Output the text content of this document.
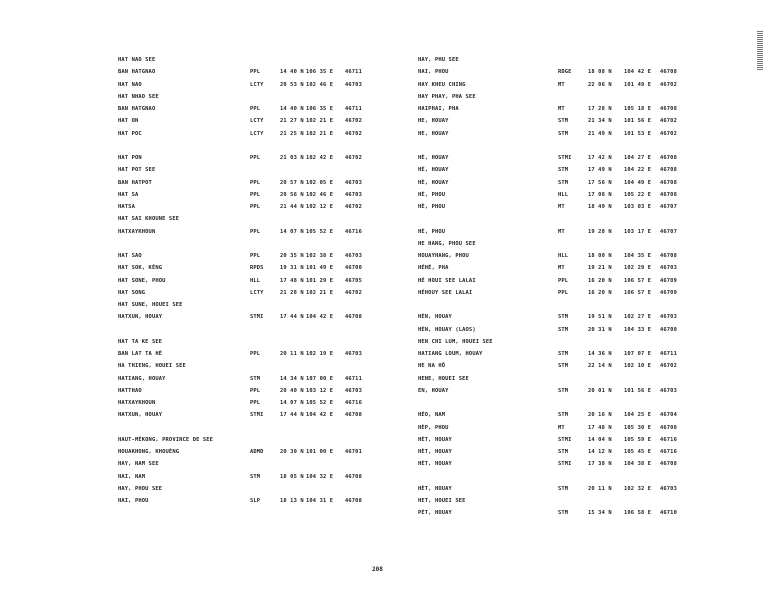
HAT NAO SEE
BAN HATGNAO	PPL	14 40 N 106 35 E 46711
HAT NAO	LCTY	20 53 N 102 46 E 46703
HAT NHAO SEE
BAN HATGNAO	PPL	14 40 N 106 35 E 46711
HAT ON	LCTY	21 27 N 102 21 E 46702
HAT POC	LCTY	21 25 N 102 21 E 46702
HAT PON	PPL	21 03 N 102 42 E 46702
HAT POT SEE
BAN HATPOT	PPL	20 57 N 102 05 E 46703
HAT SA	PPL	20 56 N 102 46 E 46703
HATSA	PPL	21 44 N 102 12 E 46702
HAT SAI KHOUNE SEE
HATXAYKHOUN	PPL	14 07 N 105 52 E 46716
HAT SAO	PPL	20 35 N 102 38 E 46703
HAT SOK, KÈNG	RPDS	19 31 N 101 49 E 46700
HAT SONE, PHOU	HLL	17 48 N 101 29 E 46705
HAT SONG	LCTY	21 28 N 102 21 E 46702
HAT SUNE, HOUEI SEE
HATXUN, HOUAY	STMI	17 44 N 104 42 E 46708
HAT TA KE SEE
BAN LAT TA HÈ	PPL	20 11 N 102 19 E 46703
HA THIENG, HOUEI SEE
HATIANG, HOUAY	STM	14 34 N 107 00 E 46711
HATTHAO	PPL	20 40 N 103 12 E 46703
HATXAYKHOUN	PPL	14 07 N 105 52 E 46716
HATXUN, HOUAY	STMI	17 44 N 104 42 E 46708
HAUT-MÉKONG, PROVINCE DE SEE
HOUAKHONG, KHOUÈNG	ADMD	20 30 N 101 00 E 46701
HAY, NAM SEE
HAI, NAM	STM	18 05 N 104 32 E 46708
HAY, PHOU SEE
HAI, PHOU	SLP	18 13 N 104 31 E 46708
HAY, PHU SEE
HAI, PHOU	RDGE	18 08 N 104 42 E 46708
HAY KHEU CHING	MT	22 06 N 101 49 E 46702
HAY PHAY, PHA SEE
HAIPHAI, PHA	MT	17 28 N 105 18 E 46708
HE, HOUAY	STM	21 34 N 101 56 E 46702
HE, HOUAY	STM	21 49 N 101 53 E 46702
HÈ, HOUAY	STMI	17 42 N 104 27 E 46708
HÈ, HOUAY	STM	17 49 N 104 22 E 46708
HÈ, HOUAY	STM	17 56 N 104 49 E 46708
HÈ, PHOU	HLL	17 08 N 105 22 E 46708
HÈ, PHOU	MT	18 49 N 103 03 E 46707
HÈ, PHOU	MT	19 28 N 103 17 E 46707
HE HANG, PHOU SEE
HOUAYHANG, PHOU	HLL	18 00 N 104 35 E 46708
HÉHÉ, PHA	MT	19 21 N 102 29 E 46703
HÉ HOUI SEE LALAI	PPL	16 20 N 106 57 E 46709
HÉHOUY SEE LALAI	PPL	16 20 N 106 57 E 46709
HÈN, HOUAY	STM	19 51 N 102 27 E 46703
HÈN, HOUAY (LAOS)	STM	20 31 N 104 33 E 46700
HEN CHI LUM, HOUEI SEE
HATIANG LOUM, HOUAY	STM	14 36 N 107 07 E 46711
HE NA HÔ	STM	22 14 N 102 10 E 46702
HENE, HOUEI SEE
EN, HOUAY	STM	20 01 N 101 56 E 46703
HÉO, NAM	STM	20 16 N 104 25 E 46704
HÈP, PHOU	MT	17 48 N 105 30 E 46708
HÈT, HOUAY	STMI	14 04 N 105 59 E 46716
HÈT, HOUAY	STM	14 12 N 105 45 E 46716
HÈT, HOUAY	STMI	17 38 N 104 38 E 46708
HÈT, HOUAY	STM	20 11 N 102 32 E 46703
HET, HOUEI SEE
PÉT, HOUAY	STM	15 34 N 106 58 E 46710
208
